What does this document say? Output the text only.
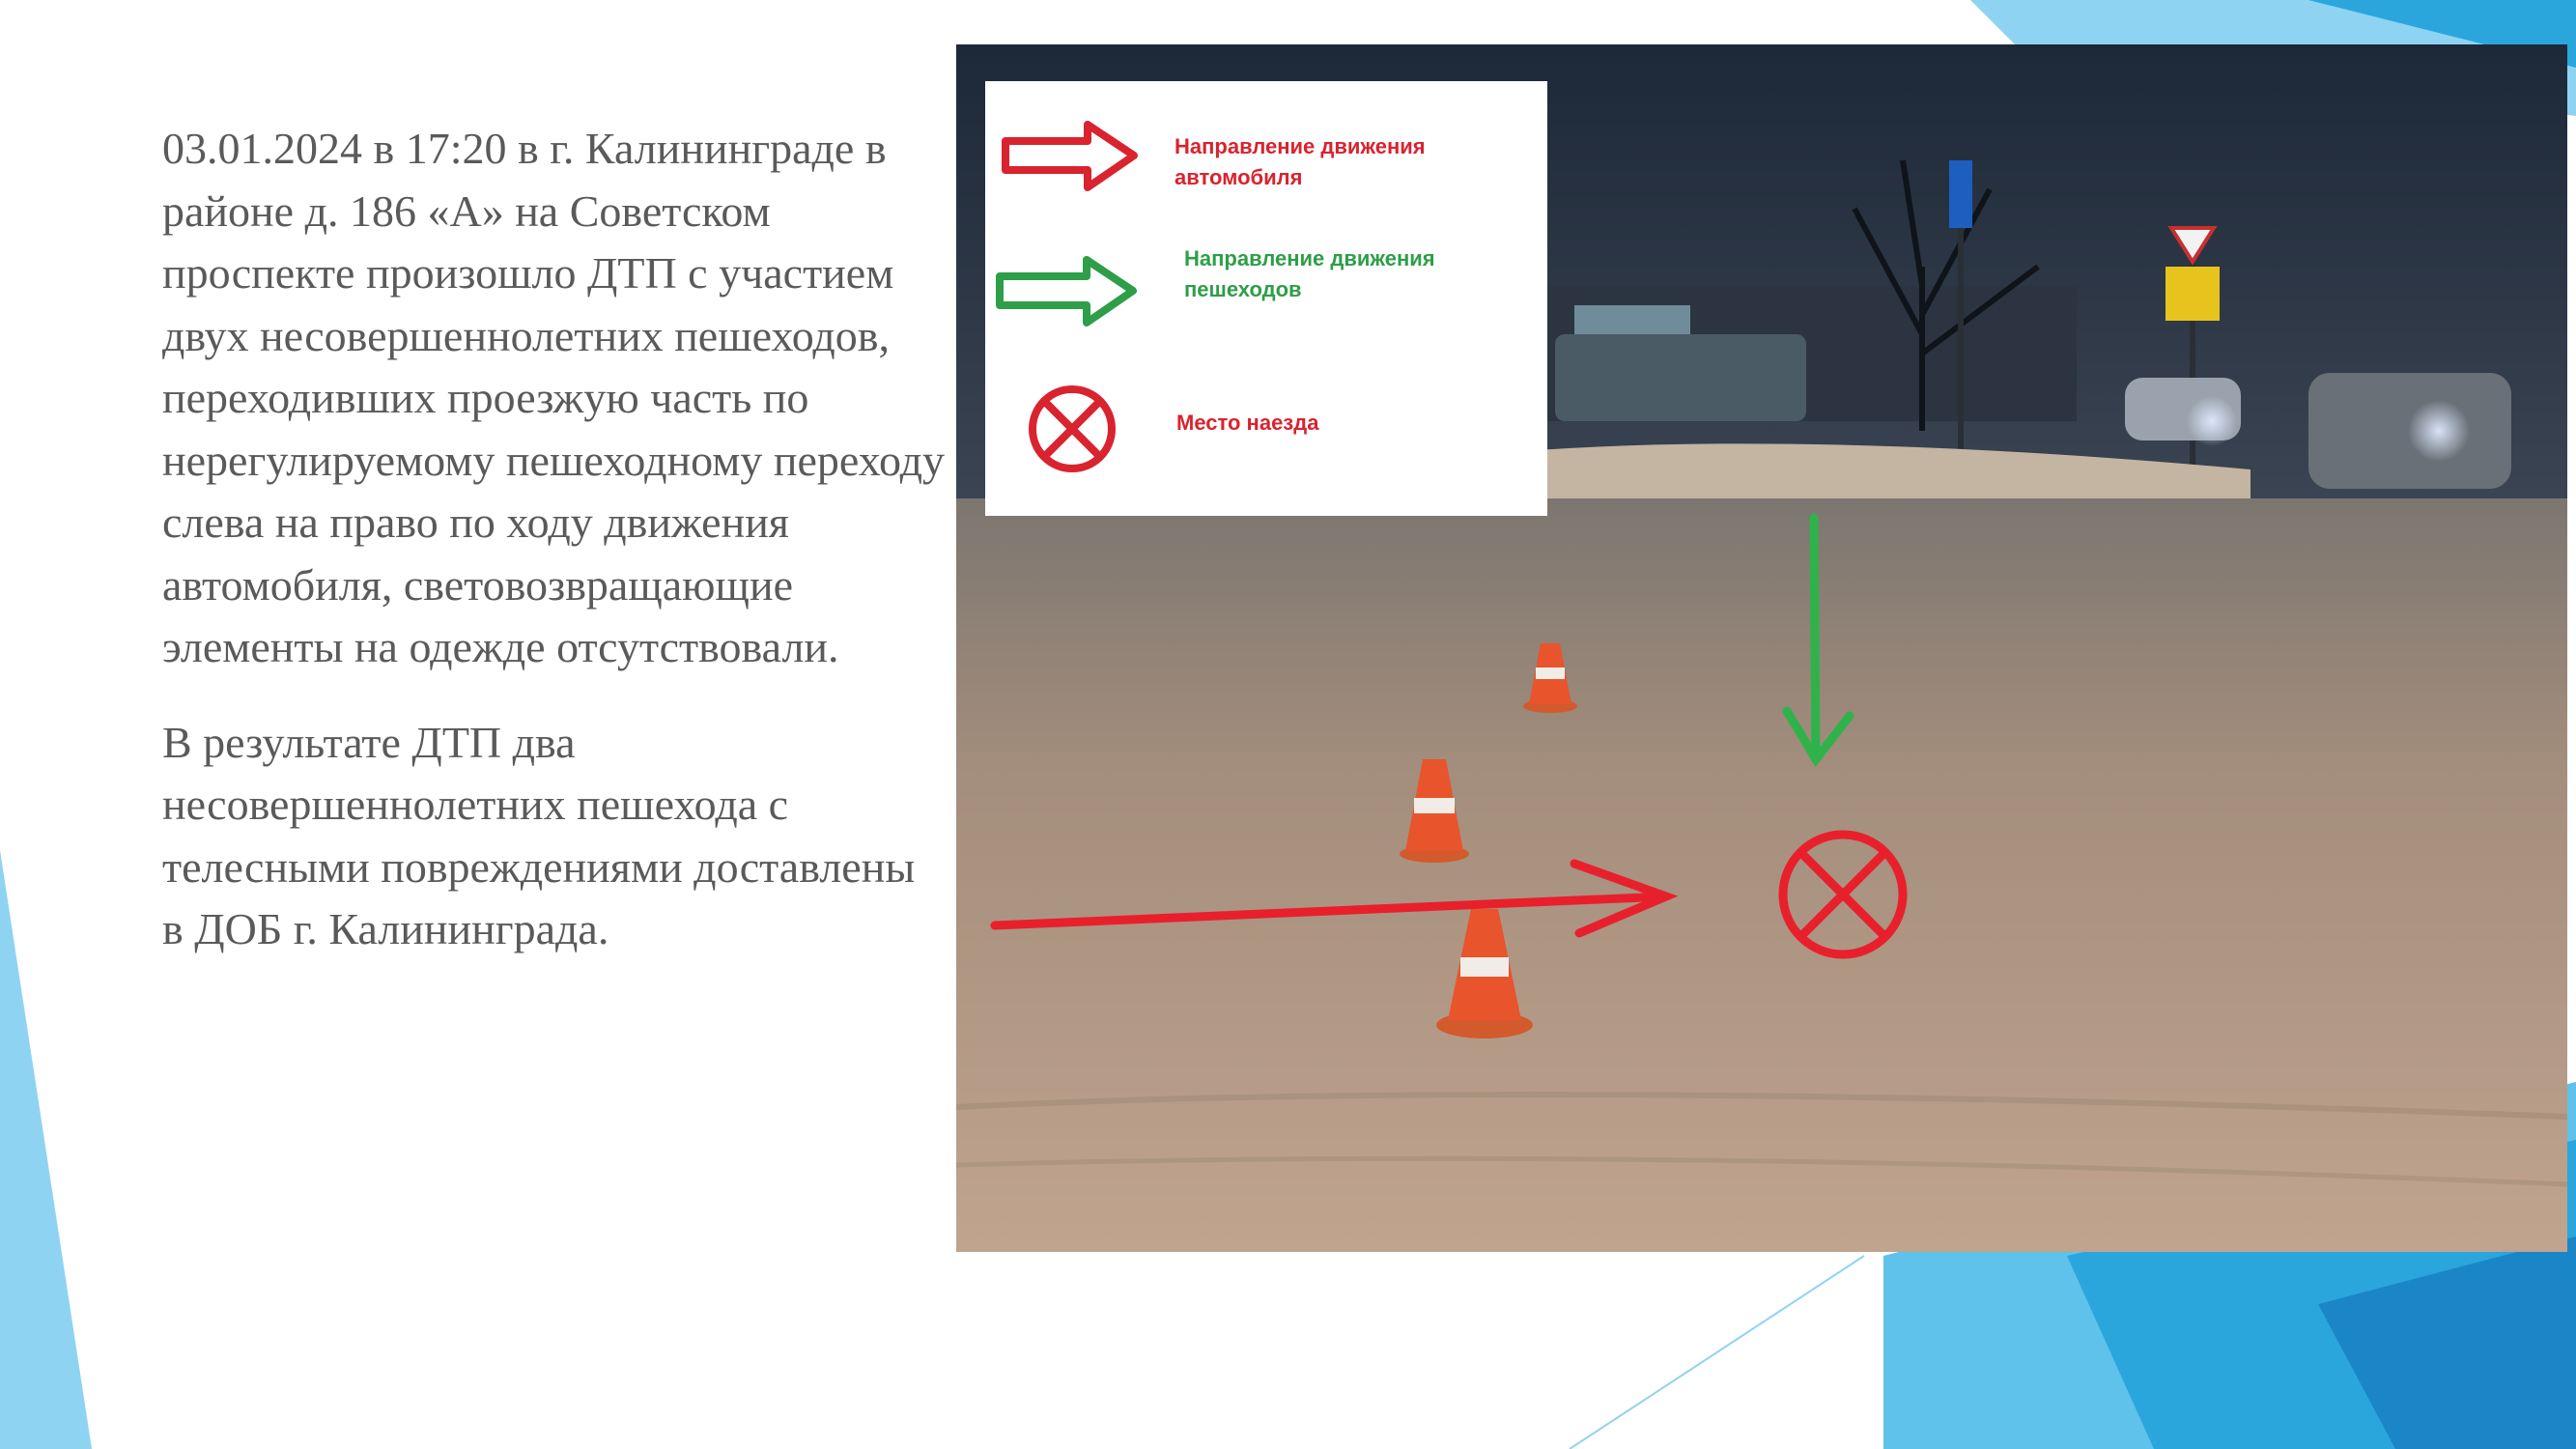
03.01.2024 в 17:20 в г. Калининграде в районе д. 186 «А» на Советском проспекте произошло ДТП с участием двух несовершеннолетних пешеходов, переходивших проезжую часть по нерегулируемому пешеходному переходу слева на право по ходу движения автомобиля, световозвращающие элементы на одежде отсутствовали.

В результате ДТП два несовершеннолетних пешехода с телесными повреждениями доставлены в ДОБ г. Калининграда.

Направление движения
автомобиля
Направление движения
пешеходов
Место наезда
